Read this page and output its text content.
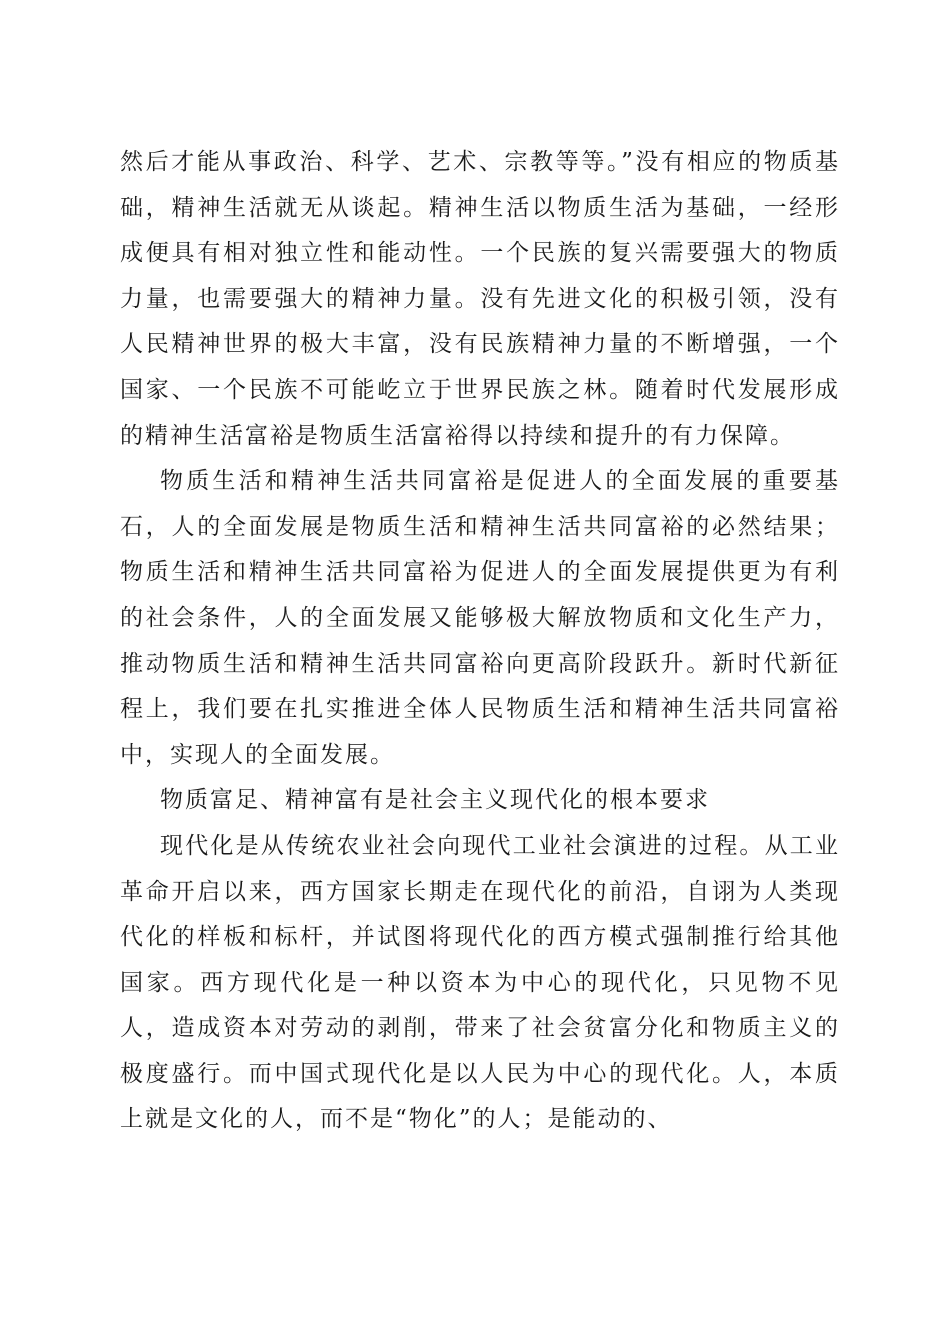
然后才能从事政治、科学、艺术、宗教等等。”没有相应的物质基础，精神生活就无从谈起。精神生活以物质生活为基础，一经形成便具有相对独立性和能动性。一个民族的复兴需要强大的物质力量，也需要强大的精神力量。没有先进文化的积极引领，没有人民精神世界的极大丰富，没有民族精神力量的不断增强，一个国家、一个民族不可能屹立于世界民族之林。随着时代发展形成的精神生活富裕是物质生活富裕得以持续和提升的有力保障。

物质生活和精神生活共同富裕是促进人的全面发展的重要基石，人的全面发展是物质生活和精神生活共同富裕的必然结果；物质生活和精神生活共同富裕为促进人的全面发展提供更为有利的社会条件，人的全面发展又能够极大解放物质和文化生产力，推动物质生活和精神生活共同富裕向更高阶段跃升。新时代新征程上，我们要在扎实推进全体人民物质生活和精神生活共同富裕中，实现人的全面发展。

物质富足、精神富有是社会主义现代化的根本要求

现代化是从传统农业社会向现代工业社会演进的过程。从工业革命开启以来，西方国家长期走在现代化的前沿，自诩为人类现代化的样板和标杆，并试图将现代化的西方模式强制推行给其他国家。西方现代化是一种以资本为中心的现代化，只见物不见人，造成资本对劳动的剥削，带来了社会贫富分化和物质主义的极度盛行。而中国式现代化是以人民为中心的现代化。人，本质上就是文化的人，而不是“物化”的人；是能动的、
